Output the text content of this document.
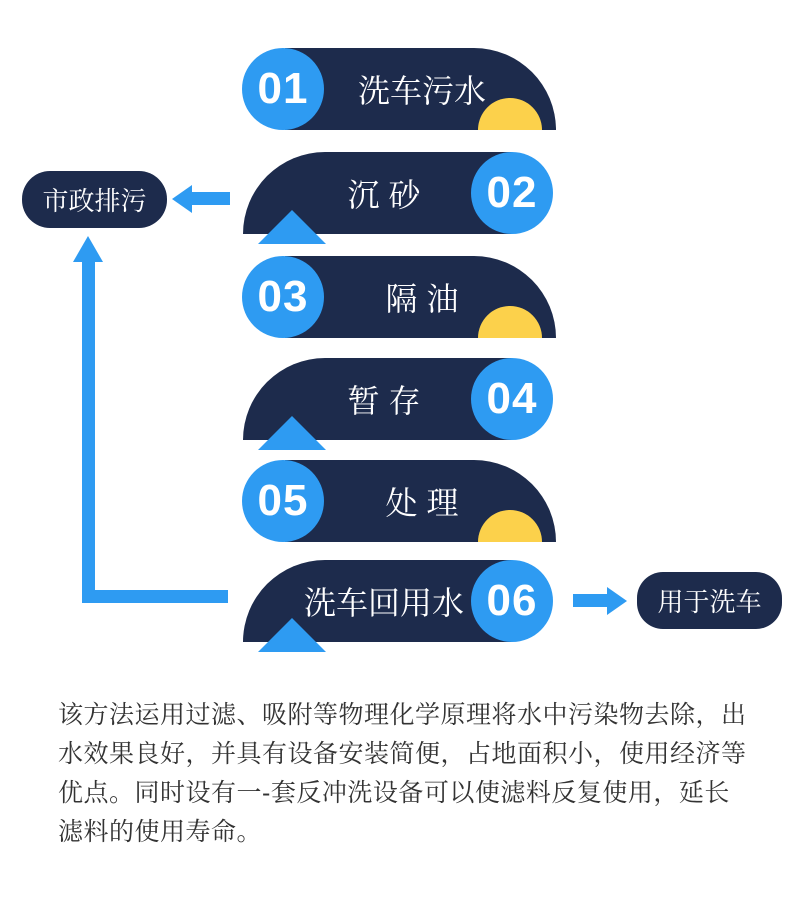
市政排污
洗车污水
01
沉 砂	02
隔 油
03
暂 存	04
处 理
05
洗车回用水 06	用于洗车
该方法运用过滤、吸附等物理化学原理将水中污染物去除，出
水效果良好，并具有设备安装简便，占地面积小，使用经济等
优点。同时设有一-套反冲洗设备可以使滤料反复使用，延长
滤料的使用寿命。
